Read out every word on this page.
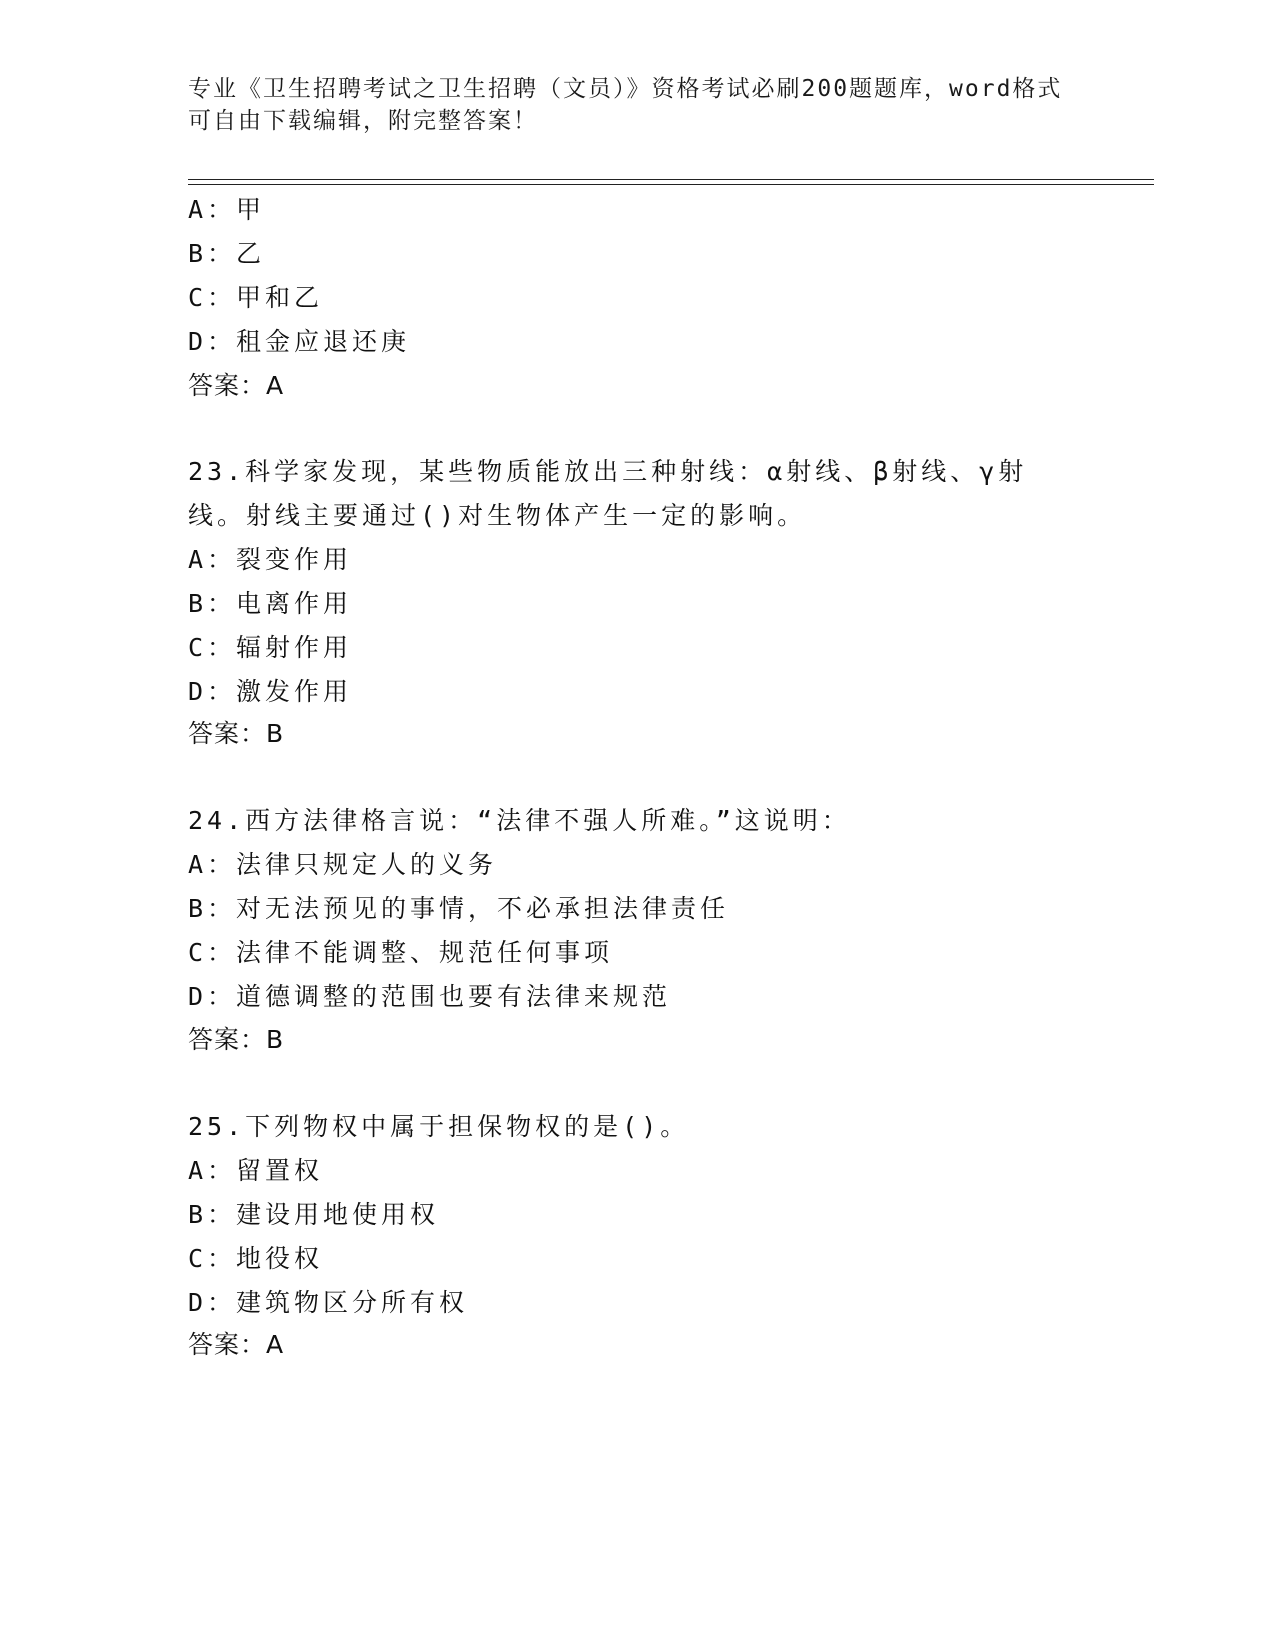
专业《卫生招聘考试之卫生招聘（文员）》资格考试必刷200题题库，word格式
可自由下载编辑，附完整答案！
A：甲
B：乙
C：甲和乙
D：租金应退还庚
答案：A
23.科学家发现，某些物质能放出三种射线：α射线、β射线、γ射
线。射线主要通过()对生物体产生一定的影响。
A：裂变作用
B：电离作用
C：辐射作用
D：激发作用
答案：B
24.西方法律格言说：“法律不强人所难。”这说明：
A：法律只规定人的义务
B：对无法预见的事情，不必承担法律责任
C：法律不能调整、规范任何事项
D：道德调整的范围也要有法律来规范
答案：B
25.下列物权中属于担保物权的是()。
A：留置权
B：建设用地使用权
C：地役权
D：建筑物区分所有权
答案：A
